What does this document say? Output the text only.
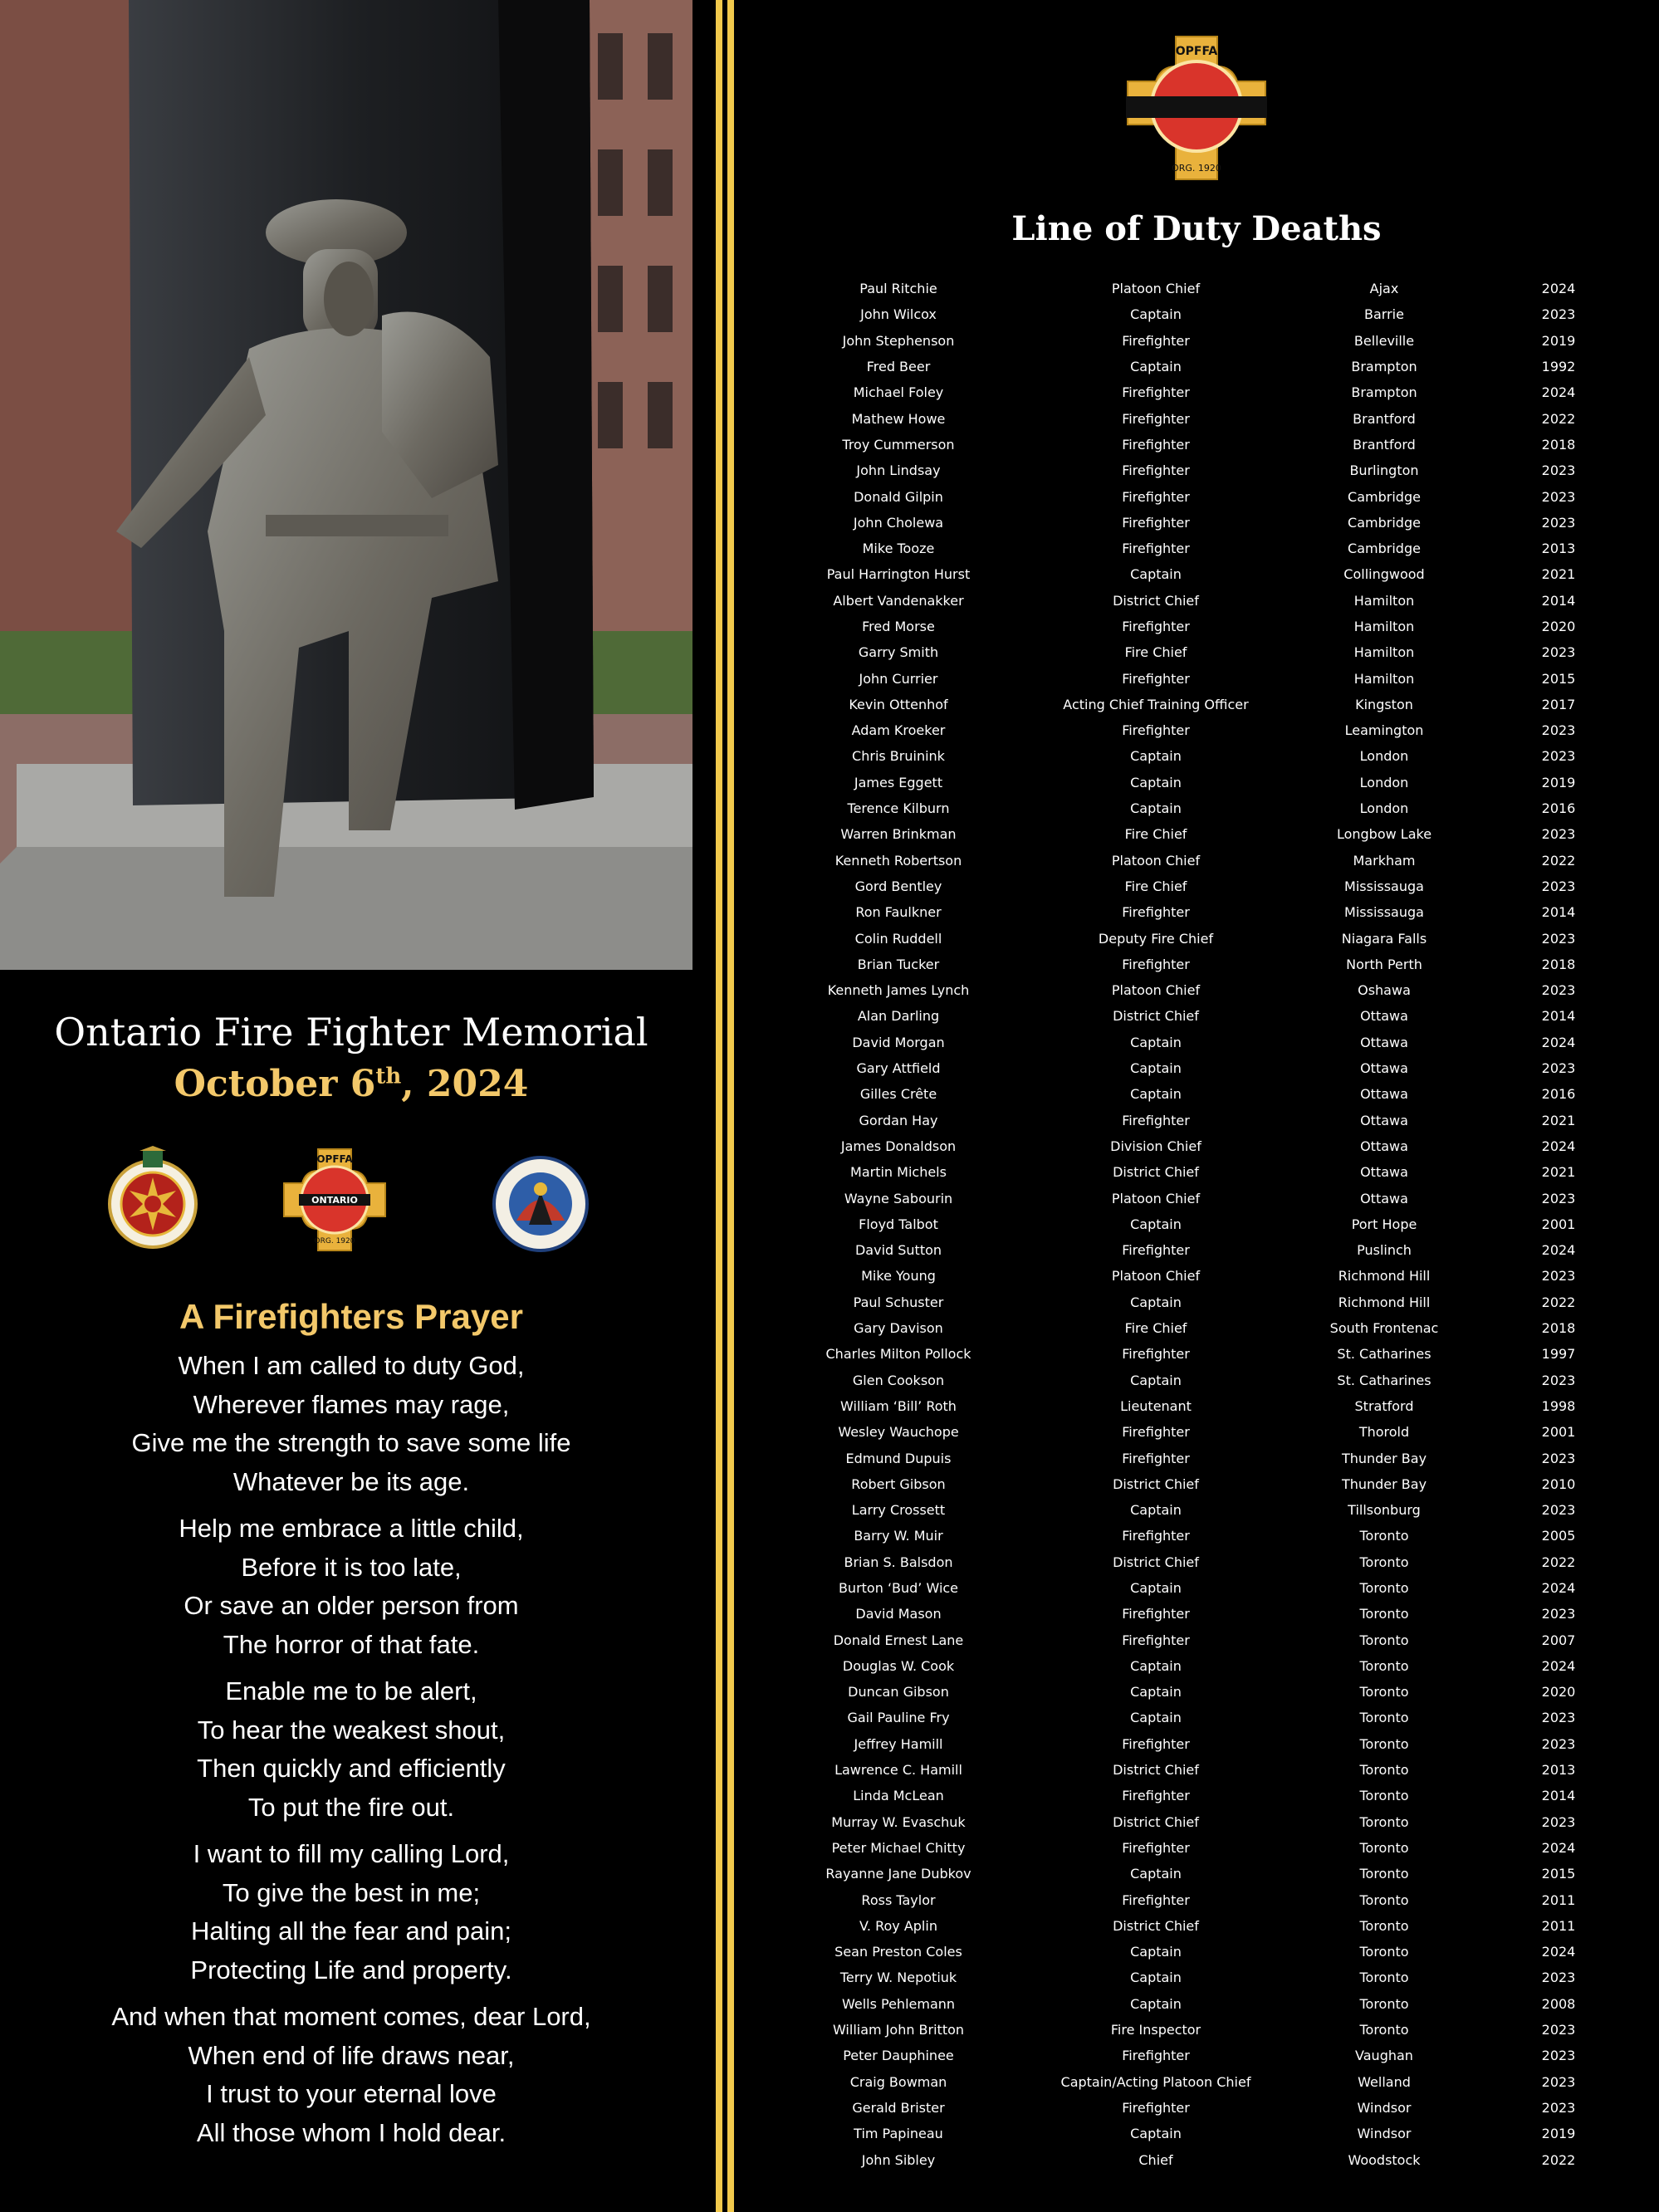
Ontario Fire Fighter Memorial
October 6th, 2024
ONTARIO
OPFFA
ORG. 1920
A Firefighters Prayer
When I am called to duty God,
Wherever flames may rage,
Give me the strength to save some life
Whatever be its age.
Help me embrace a little child,
Before it is too late,
Or save an older person from
The horror of that fate.
Enable me to be alert,
To hear the weakest shout,
Then quickly and efficiently
To put the fire out.
I want to fill my calling Lord,
To give the best in me;
Halting all the fear and pain;
Protecting Life and property.
And when that moment comes, dear Lord,
When end of life draws near,
I trust to your eternal love
All those whom I hold dear.
OPFFA
ORG. 1920
Line of Duty Deaths
Paul Ritchie	Platoon Chief	Ajax	2024
John Wilcox	Captain	Barrie	2023
John Stephenson	Firefighter	Belleville	2019
Fred Beer	Captain	Brampton	1992
Michael Foley	Firefighter	Brampton	2024
Mathew Howe	Firefighter	Brantford	2022
Troy Cummerson	Firefighter	Brantford	2018
John Lindsay	Firefighter	Burlington	2023
Donald Gilpin	Firefighter	Cambridge	2023
John Cholewa	Firefighter	Cambridge	2023
Mike Tooze	Firefighter	Cambridge	2013
Paul Harrington Hurst	Captain	Collingwood	2021
Albert Vandenakker	District Chief	Hamilton	2014
Fred Morse	Firefighter	Hamilton	2020
Garry Smith	Fire Chief	Hamilton	2023
John Currier	Firefighter	Hamilton	2015
Kevin Ottenhof	Acting Chief Training Officer	Kingston	2017
Adam Kroeker	Firefighter	Leamington	2023
Chris Bruinink	Captain	London	2023
James Eggett	Captain	London	2019
Terence Kilburn	Captain	London	2016
Warren Brinkman	Fire Chief	Longbow Lake	2023
Kenneth Robertson	Platoon Chief	Markham	2022
Gord Bentley	Fire Chief	Mississauga	2023
Ron Faulkner	Firefighter	Mississauga	2014
Colin Ruddell	Deputy Fire Chief	Niagara Falls	2023
Brian Tucker	Firefighter	North Perth	2018
Kenneth James Lynch	Platoon Chief	Oshawa	2023
Alan Darling	District Chief	Ottawa	2014
David Morgan	Captain	Ottawa	2024
Gary Attfield	Captain	Ottawa	2023
Gilles Crête	Captain	Ottawa	2016
Gordan Hay	Firefighter	Ottawa	2021
James Donaldson	Division Chief	Ottawa	2024
Martin Michels	District Chief	Ottawa	2021
Wayne Sabourin	Platoon Chief	Ottawa	2023
Floyd Talbot	Captain	Port Hope	2001
David Sutton	Firefighter	Puslinch	2024
Mike Young	Platoon Chief	Richmond Hill	2023
Paul Schuster	Captain	Richmond Hill	2022
Gary Davison	Fire Chief	South Frontenac	2018
Charles Milton Pollock	Firefighter	St. Catharines	1997
Glen Cookson	Captain	St. Catharines	2023
William ‘Bill’ Roth	Lieutenant	Stratford	1998
Wesley Wauchope	Firefighter	Thorold	2001
Edmund Dupuis	Firefighter	Thunder Bay	2023
Robert Gibson	District Chief	Thunder Bay	2010
Larry Crossett	Captain	Tillsonburg	2023
Barry W. Muir	Firefighter	Toronto	2005
Brian S. Balsdon	District Chief	Toronto	2022
Burton ‘Bud’ Wice	Captain	Toronto	2024
David Mason	Firefighter	Toronto	2023
Donald Ernest Lane	Firefighter	Toronto	2007
Douglas W. Cook	Captain	Toronto	2024
Duncan Gibson	Captain	Toronto	2020
Gail Pauline Fry	Captain	Toronto	2023
Jeffrey Hamill	Firefighter	Toronto	2023
Lawrence C. Hamill	District Chief	Toronto	2013
Linda McLean	Firefighter	Toronto	2014
Murray W. Evaschuk	District Chief	Toronto	2023
Peter Michael Chitty	Firefighter	Toronto	2024
Rayanne Jane Dubkov	Captain	Toronto	2015
Ross Taylor	Firefighter	Toronto	2011
V. Roy Aplin	District Chief	Toronto	2011
Sean Preston Coles	Captain	Toronto	2024
Terry W. Nepotiuk	Captain	Toronto	2023
Wells Pehlemann	Captain	Toronto	2008
William John Britton	Fire Inspector	Toronto	2023
Peter Dauphinee	Firefighter	Vaughan	2023
Craig Bowman	Captain/Acting Platoon Chief	Welland	2023
Gerald Brister	Firefighter	Windsor	2023
Tim Papineau	Captain	Windsor	2019
John Sibley	Chief	Woodstock	2022
